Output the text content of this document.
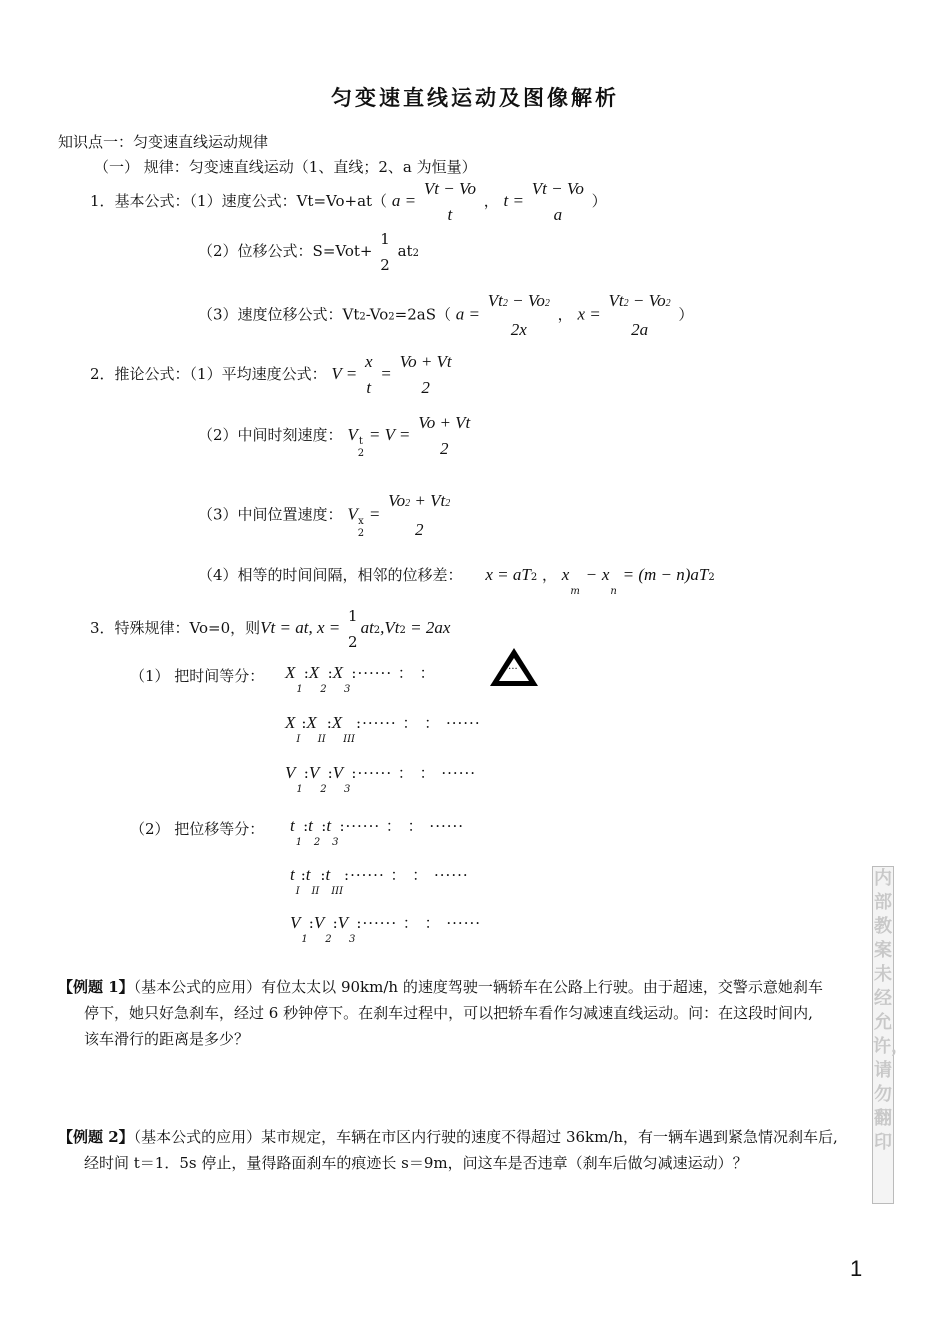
匀变速直线运动及图像解析
知识点一：匀变速直线运动规律
（一） 规律：匀变速直线运动（1、直线；2、a 为恒量）
1．基本公式：（1）速度公式：Vt=Vo+at（ a =
Vt − Vo
t
， t =
Vt − Vo
a
）
（2）位移公式：S=Vot+
1
2
at2
（3）速度位移公式：Vt2-Vo2=2aS（ a =
Vt2 − Vo2
2x
， x =
Vt2 − Vo2
2a
）
2．推论公式：（1）平均速度公式： V =
x
t
=
Vo + Vt
2
（2）中间时刻速度： V t
2
= V =
Vo + Vt
2
（3）中间位置速度： V x
2
=
Vo2 + Vt2
2
（4）相等的时间间隔，相邻的位移差： x = aT2 ， $x_m - x_n = (m - n)aT2$
3．特殊规律：Vo=0，则Vt = at, x =
1
2
at2,Vt2 = 2ax
（1） 把时间等分： $X_1:X_2:X_3:\cdot\cdot\cdot\cdot\cdot\cdot$ ： ：	····
$X_I:X_{II}:X_{III}:\cdot\cdot\cdot\cdot\cdot\cdot$ ： ： ······
$V_1:V_2:V_3:\cdot\cdot\cdot\cdot\cdot\cdot$ ： ： ······
（2） 把位移等分： $t_1:t_2:t_3:\cdot\cdot\cdot\cdot\cdot\cdot$ ： ： ······
$t_I:t_{II}:t_{III}:\cdot\cdot\cdot\cdot\cdot\cdot$ ： ： ······
$V_1:V_2:V_3:\cdot\cdot\cdot\cdot\cdot\cdot$ ： ： ······
【例题 1】（基本公式的应用）有位太太以 90km/h 的速度驾驶一辆轿车在公路上行驶。由于超速，交警示意她刹车
停下，她只好急刹车，经过 6 秒钟停下。在刹车过程中，可以把轿车看作匀减速直线运动。问：在这段时间内,
该车滑行的距离是多少？
【例题 2】（基本公式的应用）某市规定，车辆在市区内行驶的速度不得超过 36km/h，有一辆车遇到紧急情况刹车后,
经时间 t＝1．5s 停止，量得路面刹车的痕迹长 s＝9m，问这车是否违章（刹车后做匀减速运动）？
内部教案未经允许，请勿翻印
1
